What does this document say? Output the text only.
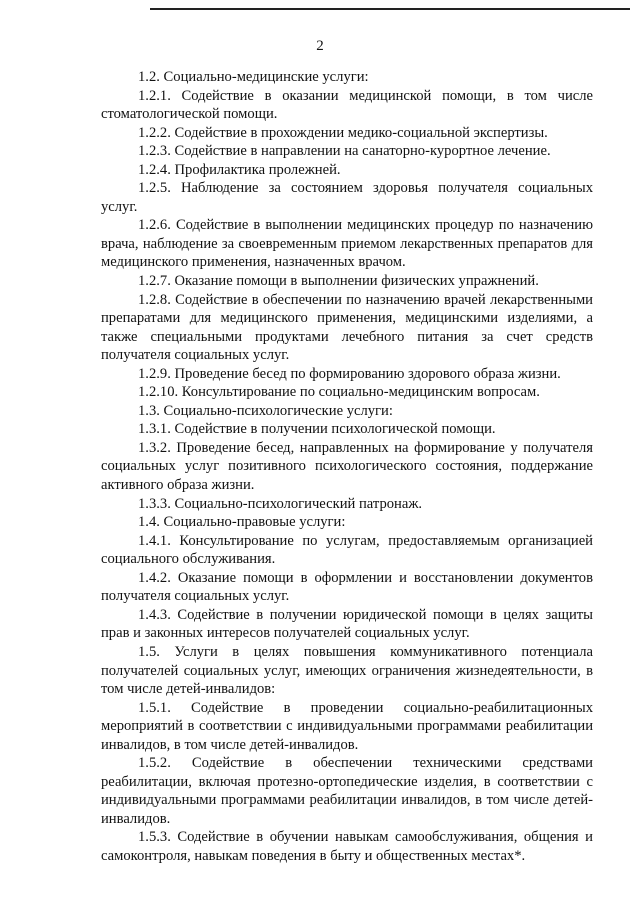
2

1.2. Социально-медицинские услуги:

1.2.1. Содействие в оказании медицинской помощи, в том числе стоматологической помощи.

1.2.2. Содействие в прохождении медико-социальной экспертизы.

1.2.3. Содействие в направлении на санаторно-курортное лечение.

1.2.4. Профилактика пролежней.

1.2.5. Наблюдение за состоянием здоровья получателя социальных услуг.

1.2.6. Содействие в выполнении медицинских процедур по назначению врача, наблюдение за своевременным приемом лекарственных препаратов для медицинского применения, назначенных врачом.

1.2.7. Оказание помощи в выполнении физических упражнений.

1.2.8. Содействие в обеспечении по назначению врачей лекарственными препаратами для медицинского применения, медицинскими изделиями, а также специальными продуктами лечебного питания за счет средств получателя социальных услуг.

1.2.9. Проведение бесед по формированию здорового образа жизни.

1.2.10. Консультирование по социально-медицинским вопросам.

1.3. Социально-психологические услуги:

1.3.1. Содействие в получении психологической помощи.

1.3.2. Проведение бесед, направленных на формирование у получателя социальных услуг позитивного психологического состояния, поддержание активного образа жизни.

1.3.3. Социально-психологический патронаж.

1.4. Социально-правовые услуги:

1.4.1. Консультирование по услугам, предоставляемым организацией социального обслуживания.

1.4.2. Оказание помощи в оформлении и восстановлении документов получателя социальных услуг.

1.4.3. Содействие в получении юридической помощи в целях защиты прав и законных интересов получателей социальных услуг.

1.5. Услуги в целях повышения коммуникативного потенциала получателей социальных услуг, имеющих ограничения жизнедеятельности, в том числе детей-инвалидов:

1.5.1. Содействие в проведении социально-реабилитационных мероприятий в соответствии с индивидуальными программами реабилитации инвалидов, в том числе детей-инвалидов.

1.5.2. Содействие в обеспечении техническими средствами реабилитации, включая протезно-ортопедические изделия, в соответствии с индивидуальными программами реабилитации инвалидов, в том числе детей-инвалидов.

1.5.3. Содействие в обучении навыкам самообслуживания, общения и самоконтроля, навыкам поведения в быту и общественных местах*.
